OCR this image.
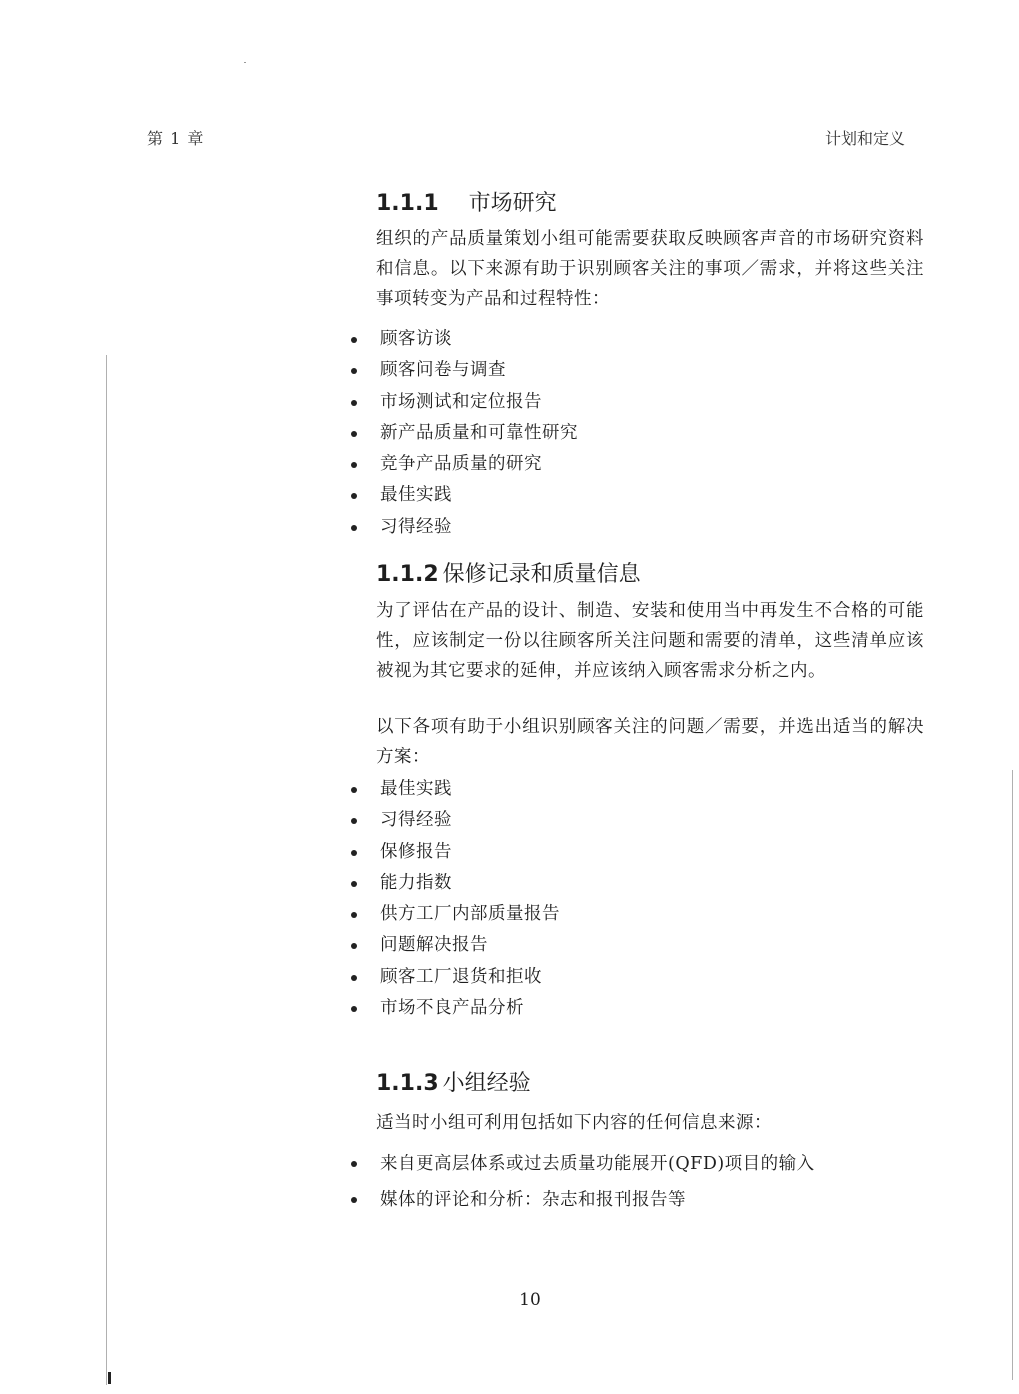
第 1 章	计划和定义
1.1.1 市场研究
组织的产品质量策划小组可能需要获取反映顾客声音的市场研究资料和信息。以下来源有助于识别顾客关注的事项／需求，并将这些关注事项转变为产品和过程特性：
顾客访谈
顾客问卷与调查
市场测试和定位报告
新产品质量和可靠性研究
竞争产品质量的研究
最佳实践
习得经验
1.1.2 保修记录和质量信息
为了评估在产品的设计、制造、安装和使用当中再发生不合格的可能性，应该制定一份以往顾客所关注问题和需要的清单，这些清单应该被视为其它要求的延伸，并应该纳入顾客需求分析之内。
以下各项有助于小组识别顾客关注的问题／需要，并选出适当的解决方案：
最佳实践
习得经验
保修报告
能力指数
供方工厂内部质量报告
问题解决报告
顾客工厂退货和拒收
市场不良产品分析
1.1.3 小组经验
适当时小组可利用包括如下内容的任何信息来源：
来自更高层体系或过去质量功能展开(QFD)项目的输入
媒体的评论和分析：杂志和报刊报告等
10
